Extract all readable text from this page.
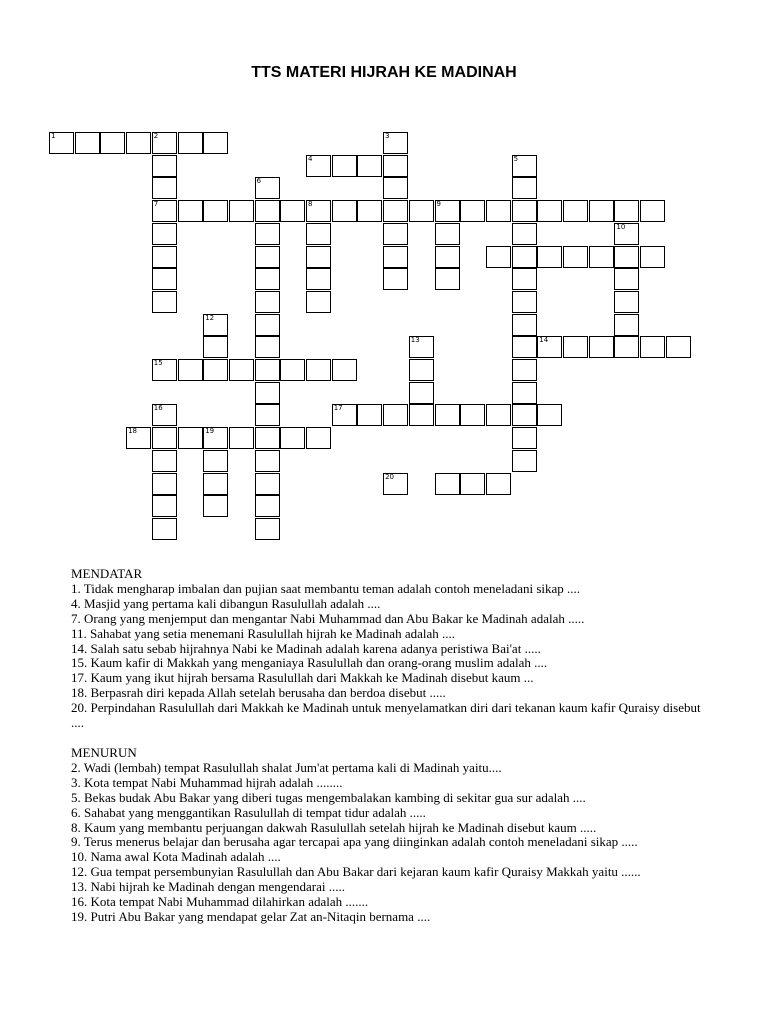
TTS MATERI HIJRAH KE MADINAH
1	2	3
4	5
7
6
8	9
10
12
13	14
15
16	17
18	19
20
MENDATAR
1. Tidak mengharap imbalan dan pujian saat membantu teman adalah contoh meneladani sikap ....
4. Masjid yang pertama kali dibangun Rasulullah adalah ....
7. Orang yang menjemput dan mengantar Nabi Muhammad dan Abu Bakar ke Madinah adalah .....
11. Sahabat yang setia menemani Rasulullah hijrah ke Madinah adalah ....
14. Salah satu sebab hijrahnya Nabi ke Madinah adalah karena adanya peristiwa Bai'at .....
15. Kaum kafir di Makkah yang menganiaya Rasulullah dan orang-orang muslim adalah ....
17. Kaum yang ikut hijrah bersama Rasulullah dari Makkah ke Madinah disebut kaum ...
18. Berpasrah diri kepada Allah setelah berusaha dan berdoa disebut .....
20. Perpindahan Rasulullah dari Makkah ke Madinah untuk menyelamatkan diri dari tekanan kaum kafir Quraisy disebut ....
MENURUN
2. Wadi (lembah) tempat Rasulullah shalat Jum'at pertama kali di Madinah yaitu....
3. Kota tempat Nabi Muhammad hijrah adalah ........
5. Bekas budak Abu Bakar yang diberi tugas mengembalakan kambing di sekitar gua sur adalah ....
6. Sahabat yang menggantikan Rasulullah di tempat tidur adalah .....
8. Kaum yang membantu perjuangan dakwah Rasulullah setelah hijrah ke Madinah disebut kaum .....
9. Terus menerus belajar dan berusaha agar tercapai apa yang diinginkan adalah contoh meneladani sikap .....
10. Nama awal Kota Madinah adalah ....
12. Gua tempat persembunyian Rasulullah dan Abu Bakar dari kejaran kaum kafir Quraisy Makkah yaitu ......
13. Nabi hijrah ke Madinah dengan mengendarai .....
16. Kota tempat Nabi Muhammad dilahirkan adalah .......
19. Putri Abu Bakar yang mendapat gelar Zat an-Nitaqin bernama ....
